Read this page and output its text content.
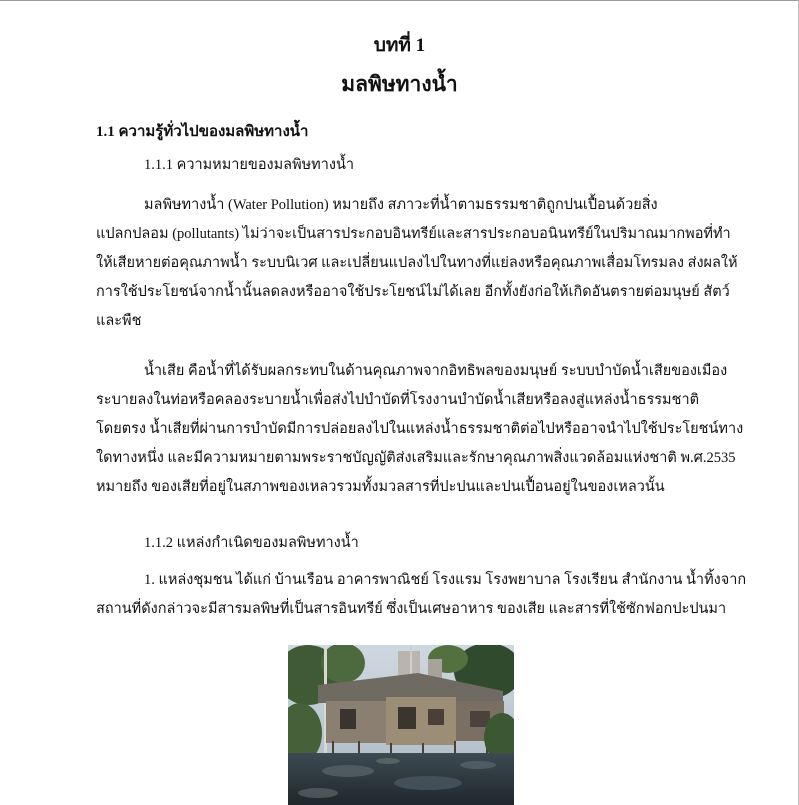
บทที่ 1
มลพิษทางน้ำ
1.1 ความรู้ทั่วไปของมลพิษทางน้ำ
1.1.1 ความหมายของมลพิษทางน้ำ
มลพิษทางน้ำ (Water Pollution) หมายถึง สภาวะที่น้ำตามธรรมชาติถูกปนเปื้อนด้วยสิ่ง
แปลกปลอม (pollutants) ไม่ว่าจะเป็นสารประกอบอินทรีย์และสารประกอบอนินทรีย์ในปริมาณมากพอที่ทำ
ให้เสียหายต่อคุณภาพน้ำ ระบบนิเวศ และเปลี่ยนแปลงไปในทางที่แย่ลงหรือคุณภาพเสื่อมโทรมลง ส่งผลให้
การใช้ประโยชน์จากน้ำนั้นลดลงหรืออาจใช้ประโยชน์ไม่ได้เลย อีกทั้งยังก่อให้เกิดอันตรายต่อมนุษย์ สัตว์
และพืช
น้ำเสีย คือน้ำที่ได้รับผลกระทบในด้านคุณภาพจากอิทธิพลของมนุษย์ ระบบบำบัดน้ำเสียของเมือง
ระบายลงในท่อหรือคลองระบายน้ำเพื่อส่งไปบำบัดที่โรงงานบำบัดน้ำเสียหรือลงสู่แหล่งน้ำธรรมชาติ
โดยตรง น้ำเสียที่ผ่านการบำบัดมีการปล่อยลงไปในแหล่งน้ำธรรมชาติต่อไปหรืออาจนำไปใช้ประโยชน์ทาง
ใดทางหนึ่ง และมีความหมายตามพระราชบัญญัติส่งเสริมและรักษาคุณภาพสิ่งแวดล้อมแห่งชาติ พ.ศ.2535
หมายถึง ของเสียที่อยู่ในสภาพของเหลวรวมทั้งมวลสารที่ปะปนและปนเปื้อนอยู่ในของเหลวนั้น
1.1.2 แหล่งกำเนิดของมลพิษทางน้ำ
1. แหล่งชุมชน ได้แก่ บ้านเรือน อาคารพาณิชย์ โรงแรม โรงพยาบาล โรงเรียน สำนักงาน น้ำทิ้งจาก
สถานที่ดังกล่าวจะมีสารมลพิษที่เป็นสารอินทรีย์ ซึ่งเป็นเศษอาหาร ของเสีย และสารที่ใช้ซักฟอกปะปนมา
